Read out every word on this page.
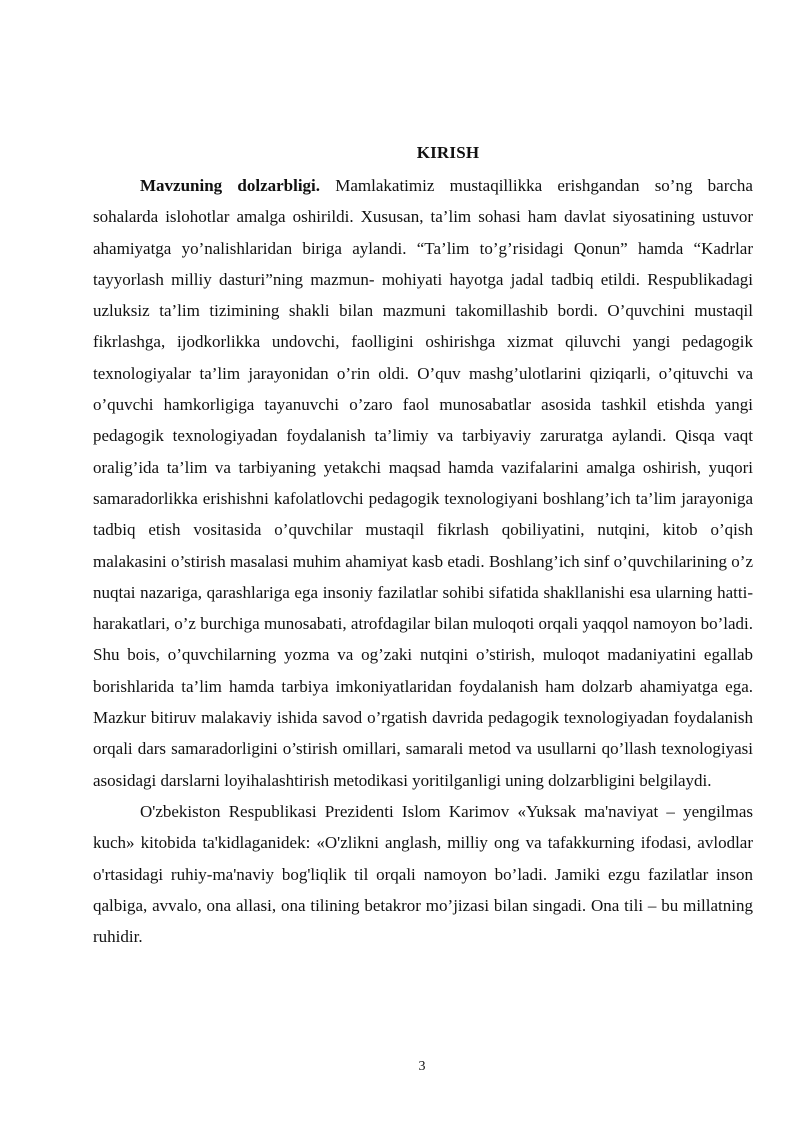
KIRISH

Mavzuning dolzarbligi. Mamlakatimiz mustaqillikka erishgandan so’ng barcha sohalarda islohotlar amalga oshirildi. Xususan, ta’lim sohasi ham davlat siyosatining ustuvor ahamiyatga yo’nalishlaridan biriga aylandi. “Ta’lim to’g’risidagi Qonun” hamda “Kadrlar tayyorlash milliy dasturi”ning mazmun- mohiyati hayotga jadal tadbiq etildi. Respublikadagi uzluksiz ta’lim tizimining shakli bilan mazmuni takomillashib bordi. O’quvchini mustaqil fikrlashga, ijodkorlikka undovchi, faolligini oshirishga xizmat qiluvchi yangi pedagogik texnologiyalar ta’lim jarayonidan o’rin oldi. O’quv mashg’ulotlarini qiziqarli, o’qituvchi va o’quvchi hamkorligiga tayanuvchi o’zaro faol munosabatlar asosida tashkil etishda yangi pedagogik texnologiyadan foydalanish ta’limiy va tarbiyaviy zaruratga aylandi. Qisqa vaqt oralig’ida ta’lim va tarbiyaning yetakchi maqsad hamda vazifalarini amalga oshirish, yuqori samaradorlikka erishishni kafolatlovchi pedagogik texnologiyani boshlang’ich ta’lim jarayoniga tadbiq etish vositasida o’quvchilar mustaqil fikrlash qobiliyatini, nutqini, kitob o’qish malakasini o’stirish masalasi muhim ahamiyat kasb etadi. Boshlang’ich sinf o’quvchilarining o’z nuqtai nazariga, qarashlariga ega insoniy fazilatlar sohibi sifatida shakllanishi esa ularning hatti-harakatlari, o’z burchiga munosabati, atrofdagilar bilan muloqoti orqali yaqqol namoyon bo’ladi. Shu bois, o’quvchilarning yozma va og’zaki nutqini o’stirish, muloqot madaniyatini egallab borishlarida ta’lim hamda tarbiya imkoniyatlaridan foydalanish ham dolzarb ahamiyatga ega. Mazkur bitiruv malakaviy ishida savod o’rgatish davrida pedagogik texnologiyadan foydalanish orqali dars samaradorligini o’stirish omillari, samarali metod va usullarni qo’llash texnologiyasi asosidagi darslarni loyihalashtirish metodikasi yoritilganligi uning dolzarbligini belgilaydi.

O'zbekiston Respublikasi Prezidenti Islom Karimov «Yuksak ma'naviyat – yengilmas kuch» kitobida ta'kidlaganidek: «O'zlikni anglash, milliy ong va tafakkurning ifodasi, avlodlar o'rtasidagi ruhiy-ma'naviy bog'liqlik til orqali namoyon bo’ladi. Jamiki ezgu fazilatlar inson qalbiga, avvalo, ona allasi, ona tilining betakror mo’jizasi bilan singadi. Ona tili – bu millatning ruhidir.

3
